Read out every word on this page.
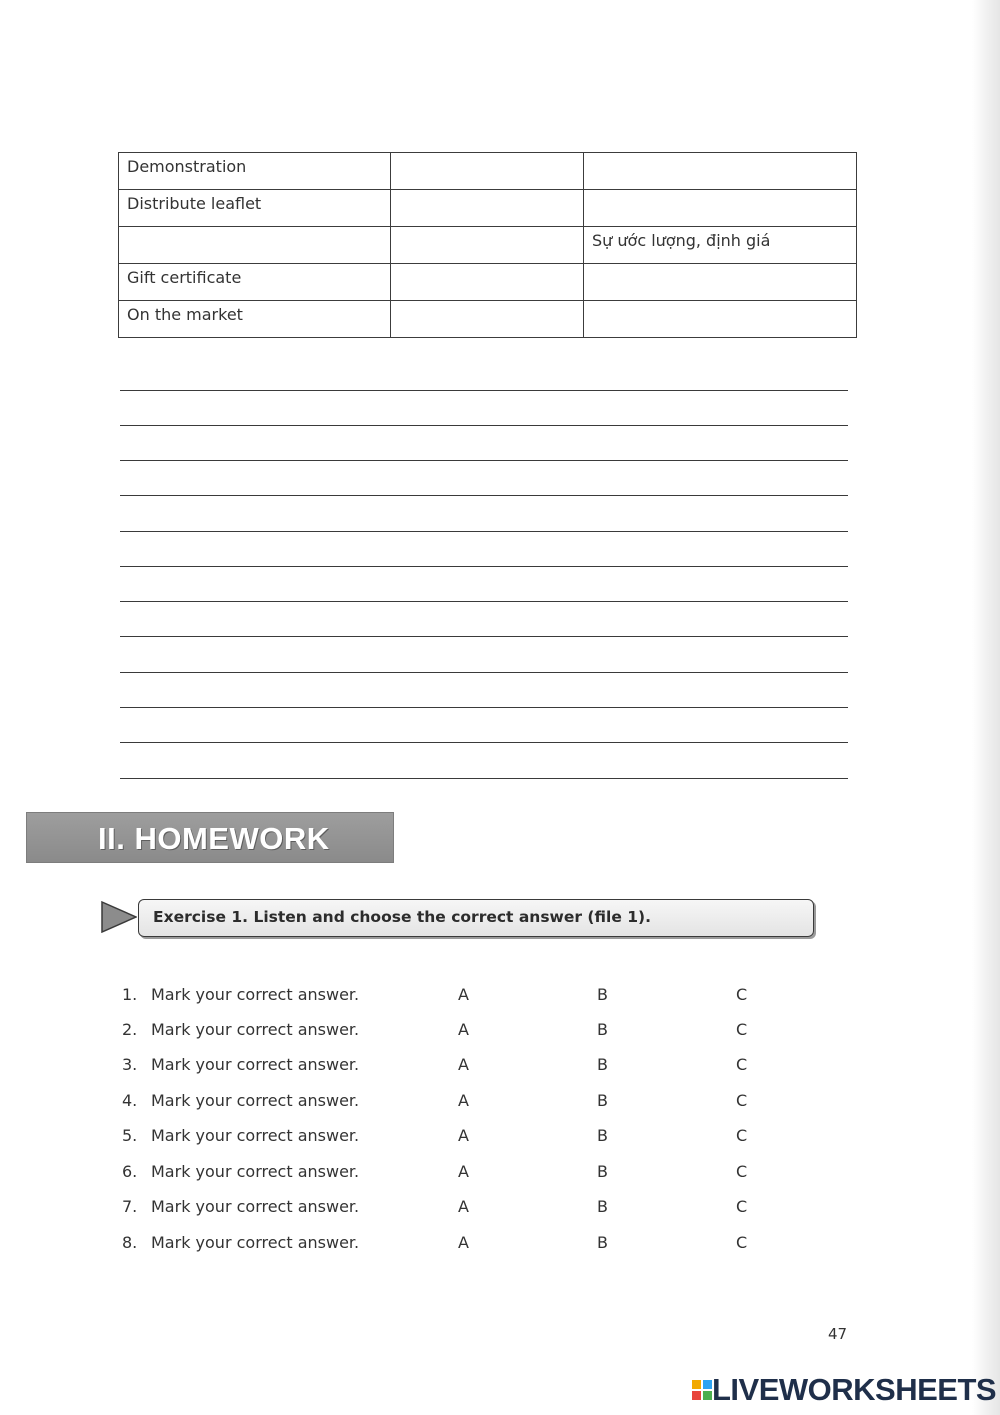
Demonstration		
Distribute leaflet		
		Sự ước lượng, định giá
Gift certificate		
On the market		
II. HOMEWORK
Exercise 1. Listen and choose the correct answer (file 1).
1. Mark your correct answer.	A	B	C
2. Mark your correct answer.	A	B	C
3. Mark your correct answer.	A	B	C
4. Mark your correct answer.	A	B	C
5. Mark your correct answer.	A	B	C
6. Mark your correct answer.	A	B	C
7. Mark your correct answer.	A	B	C
8. Mark your correct answer.	A	B	C
47
LIVEWORKSHEETS
